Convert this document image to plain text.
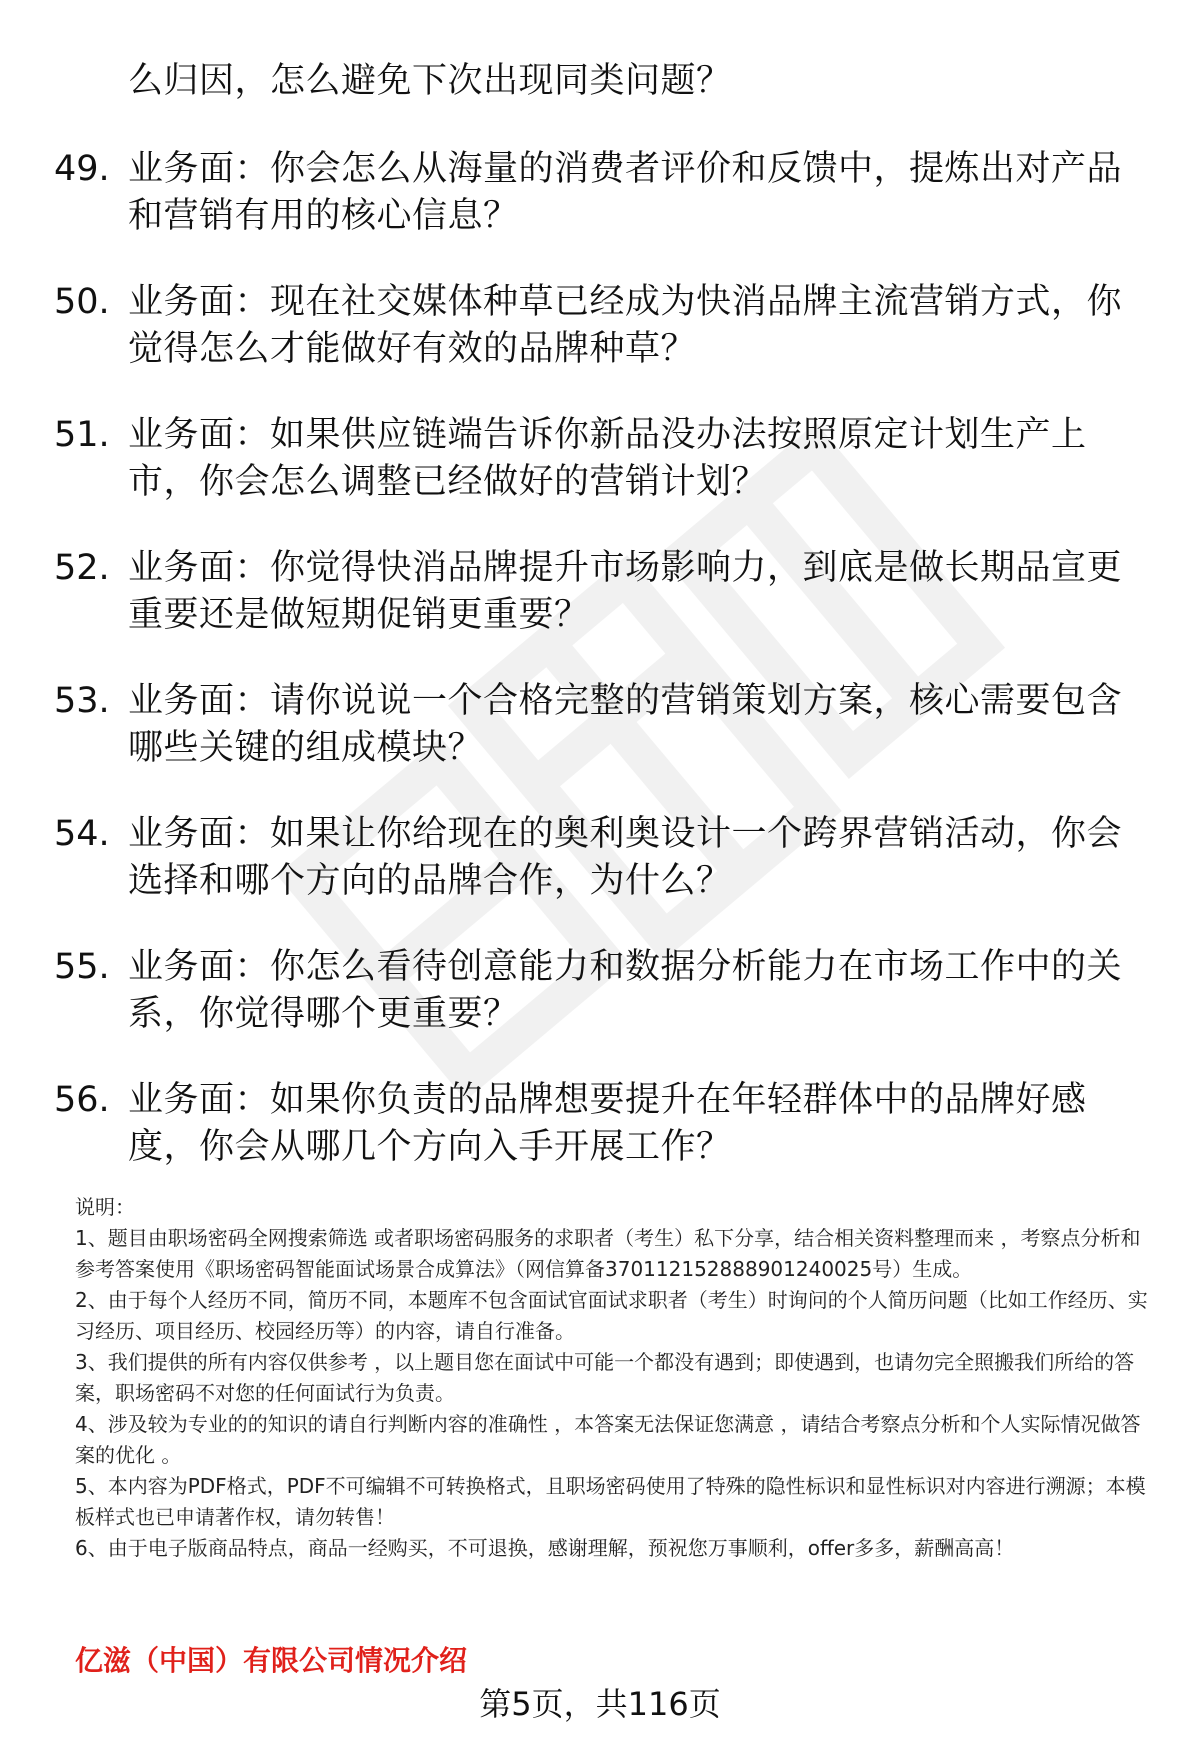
么归因，怎么避免下次出现同类问题？
49. 业务面：你会怎么从海量的消费者评价和反馈中，提炼出对产品和营销有用的核心信息？
50. 业务面：现在社交媒体种草已经成为快消品牌主流营销方式，你觉得怎么才能做好有效的品牌种草？
51. 业务面：如果供应链端告诉你新品没办法按照原定计划生产上市，你会怎么调整已经做好的营销计划？
52. 业务面：你觉得快消品牌提升市场影响力，到底是做长期品宣更重要还是做短期促销更重要？
53. 业务面：请你说说一个合格完整的营销策划方案，核心需要包含哪些关键的组成模块？
54. 业务面：如果让你给现在的奥利奥设计一个跨界营销活动，你会选择和哪个方向的品牌合作，为什么？
55. 业务面：你怎么看待创意能力和数据分析能力在市场工作中的关系，你觉得哪个更重要？
56. 业务面：如果你负责的品牌想要提升在年轻群体中的品牌好感度，你会从哪几个方向入手开展工作？

说明：

1、题目由职场密码全网搜索筛选 或者职场密码服务的求职者（考生）私下分享，结合相关资料整理而来 ，考察点分析和参考答案使用《职场密码智能面试场景合成算法》（网信算备370112152888901240025号）生成。

2、由于每个人经历不同，简历不同，本题库不包含面试官面试求职者（考生）时询问的个人简历问题（比如工作经历、实习经历、项目经历、校园经历等）的内容，请自行准备。

3、我们提供的所有内容仅供参考 ，以上题目您在面试中可能一个都没有遇到；即使遇到，也请勿完全照搬我们所给的答案，职场密码不对您的任何面试行为负责。

4、涉及较为专业的的知识的请自行判断内容的准确性 ，本答案无法保证您满意 ，请结合考察点分析和个人实际情况做答案的优化 。

5、本内容为PDF格式，PDF不可编辑不可转换格式，且职场密码使用了特殊的隐性标识和显性标识对内容进行溯源；本模板样式也已申请著作权，请勿转售！

6、由于电子版商品特点，商品一经购买，不可退换，感谢理解，预祝您万事顺利，offer多多，薪酬高高！

亿滋（中国）有限公司情况介绍
第5页，共116页
